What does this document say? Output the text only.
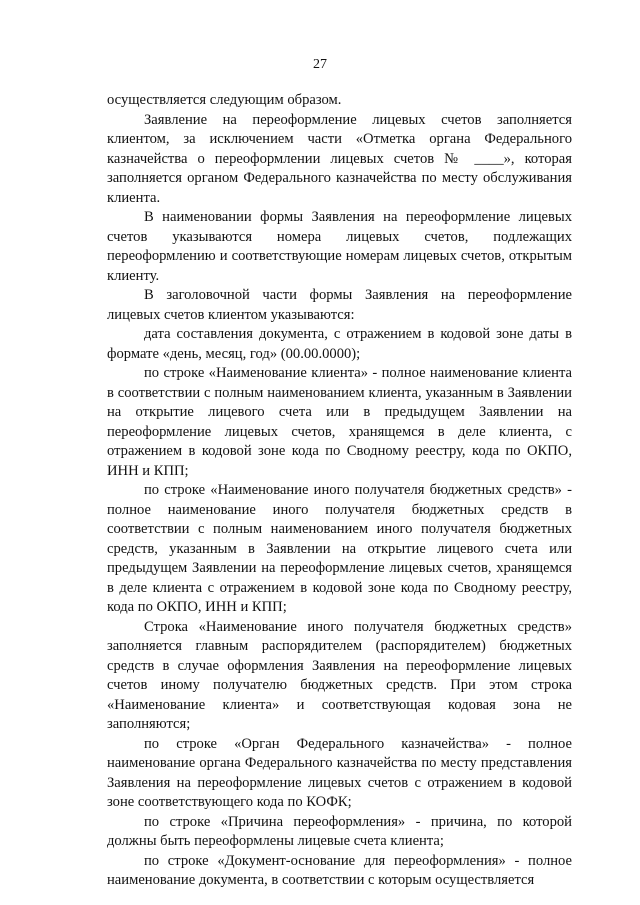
27

осуществляется следующим образом.

Заявление на переоформление лицевых счетов заполняется клиентом, за исключением части «Отметка органа Федерального казначейства о переоформлении лицевых счетов № ____», которая заполняется органом Федерального казначейства по месту обслуживания клиента.

В наименовании формы Заявления на переоформление лицевых счетов указываются номера лицевых счетов, подлежащих переоформлению и соответствующие номерам лицевых счетов, открытым клиенту.

В заголовочной части формы Заявления на переоформление лицевых счетов клиентом указываются:

дата составления документа, с отражением в кодовой зоне даты в формате «день, месяц, год» (00.00.0000);

по строке «Наименование клиента» - полное наименование клиента в соответствии с полным наименованием клиента, указанным в Заявлении на открытие лицевого счета или в предыдущем Заявлении на переоформление лицевых счетов, хранящемся в деле клиента, с отражением в кодовой зоне кода по Сводному реестру, кода по ОКПО, ИНН и КПП;

по строке «Наименование иного получателя бюджетных средств» - полное наименование иного получателя бюджетных средств в соответствии с полным наименованием иного получателя бюджетных средств, указанным в Заявлении на открытие лицевого счета или предыдущем Заявлении на переоформление лицевых счетов, хранящемся в деле клиента с отражением в кодовой зоне кода по Сводному реестру, кода по ОКПО, ИНН и КПП;

Строка «Наименование иного получателя бюджетных средств» заполняется главным распорядителем (распорядителем) бюджетных средств в случае оформления Заявления на переоформление лицевых счетов иному получателю бюджетных средств. При этом строка «Наименование клиента» и соответствующая кодовая зона не заполняются;

по строке «Орган Федерального казначейства» - полное наименование органа Федерального казначейства по месту представления Заявления на переоформление лицевых счетов с отражением в кодовой зоне соответствующего кода по КОФК;

по строке «Причина переоформления» - причина, по которой должны быть переоформлены лицевые счета клиента;

по строке «Документ-основание для переоформления» - полное наименование документа, в соответствии с которым осуществляется
